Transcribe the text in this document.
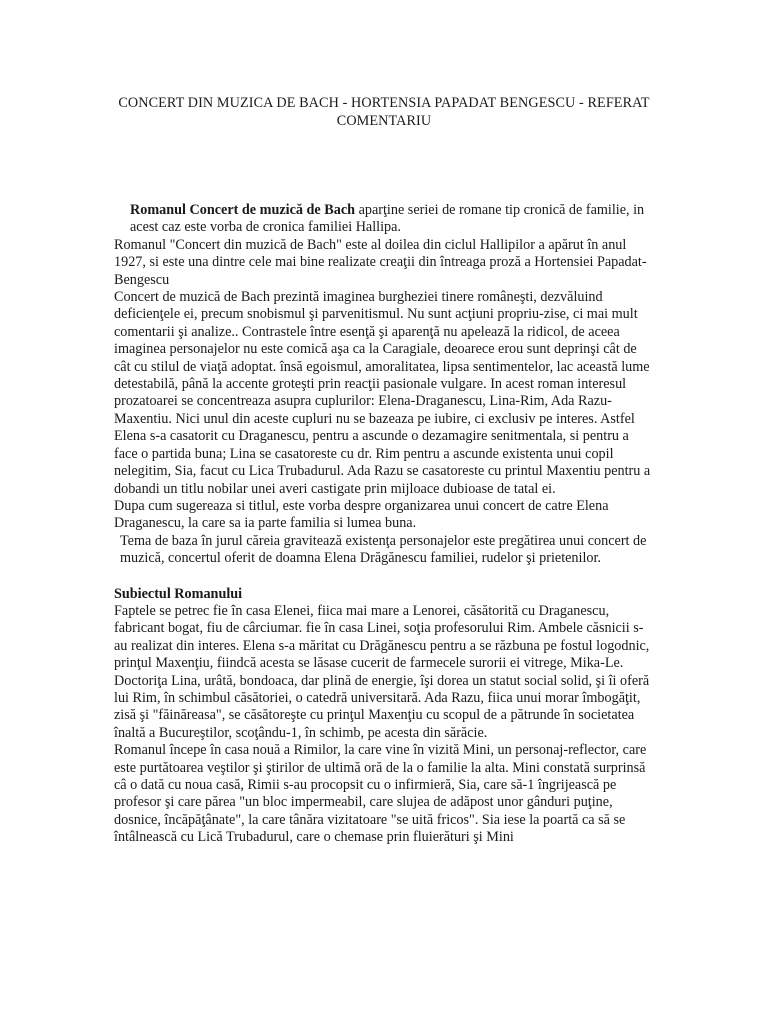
CONCERT DIN MUZICA DE BACH - HORTENSIA PAPADAT BENGESCU - REFERAT COMENTARIU

Romanul Concert de muzică de Bach aparţine seriei de romane tip cronică de familie, in acest caz este vorba de cronica familiei Hallipa.

Romanul "Concert din muzică de Bach" este al doilea din ciclul Hallipilor a apărut în anul 1927, si este una dintre cele mai bine realizate creaţii din întreaga proză a Hortensiei Papadat-Bengescu

Concert de muzică de Bach prezintă imaginea burgheziei tinere româneşti, dezvăluind deficienţele ei, precum snobismul şi parvenitismul. Nu sunt acţiuni propriu-zise, ci mai mult comentarii şi analize.. Contrastele între esenţă şi aparenţă nu apelează la ridicol, de aceea imaginea personajelor nu este comică aşa ca la Caragiale, deoarece erou sunt deprinşi cât de cât cu stilul de viaţă adoptat. însă egoismul, amoralitatea, lipsa sentimentelor, lac această lume detestabilă, până la accente groteşti prin reacţii pasionale vulgare. In acest roman interesul prozatoarei se concentreaza asupra cuplurilor: Elena-Draganescu, Lina-Rim, Ada Razu-Maxentiu. Nici unul din aceste cupluri nu se bazeaza pe iubire, ci exclusiv pe interes. Astfel Elena s-a casatorit cu Draganescu, pentru a ascunde o dezamagire senitmentala, si pentru a face o partida buna; Lina se casatoreste cu dr. Rim pentru a ascunde existenta unui copil nelegitim, Sia, facut cu Lica Trubadurul. Ada Razu se casatoreste cu printul Maxentiu pentru a dobandi un titlu nobilar unei averi castigate prin mijloace dubioase de tatal ei.

Dupa cum sugereaza si titlul, este vorba despre organizarea unui concert de catre Elena Draganescu, la care sa ia parte familia si lumea buna.

Tema de baza în jurul căreia gravitează existenţa personajelor este pregătirea unui concert de muzică, concertul oferit de doamna Elena Drăgănescu familiei, rudelor şi prietenilor.

Subiectul Romanului

Faptele se petrec fie în casa Elenei, fiica mai mare a Lenorei, căsătorită cu Draganescu, fabricant bogat, fiu de cârciumar. fie în casa Linei, soţia profesorului Rim. Ambele căsnicii s-au realizat din interes. Elena s-a măritat cu Drăgănescu pentru a se răzbuna pe fostul logodnic, prinţul Maxenţiu, fiindcă acesta se lăsase cucerit de farmecele surorii ei vitrege, Mika-Le. Doctoriţa Lina, urâtă, bondoaca, dar plină de energie, îşi dorea un statut social solid, şi îi oferă lui Rim, în schimbul căsătoriei, o catedră universitară. Ada Razu, fiica unui morar îmbogăţit, zisă şi "făinăreasa", se căsătoreşte cu prinţul Maxenţiu cu scopul de a pătrunde în societatea înaltă a Bucureştilor, scoţându-1, în schimb, pe acesta din sărăcie.

Romanul începe în casa nouă a Rimilor, la care vine în vizită Mini, un personaj-reflector, care este purtătoarea veştilor şi ştirilor de ultimă oră de la o familie la alta. Mini constată surprinsă câ o dată cu noua casă, Rimii s-au procopsit cu o infirmieră, Sia, care să-1 îngrijească pe profesor şi care părea "un bloc impermeabil, care slujea de adăpost unor gânduri puţine, dosnice, încăpăţânate", la care tânăra vizitatoare "se uită fricos". Sia iese la poartă ca să se întâlnească cu Lică Trubadurul, care o chemase prin fluierături şi Mini
